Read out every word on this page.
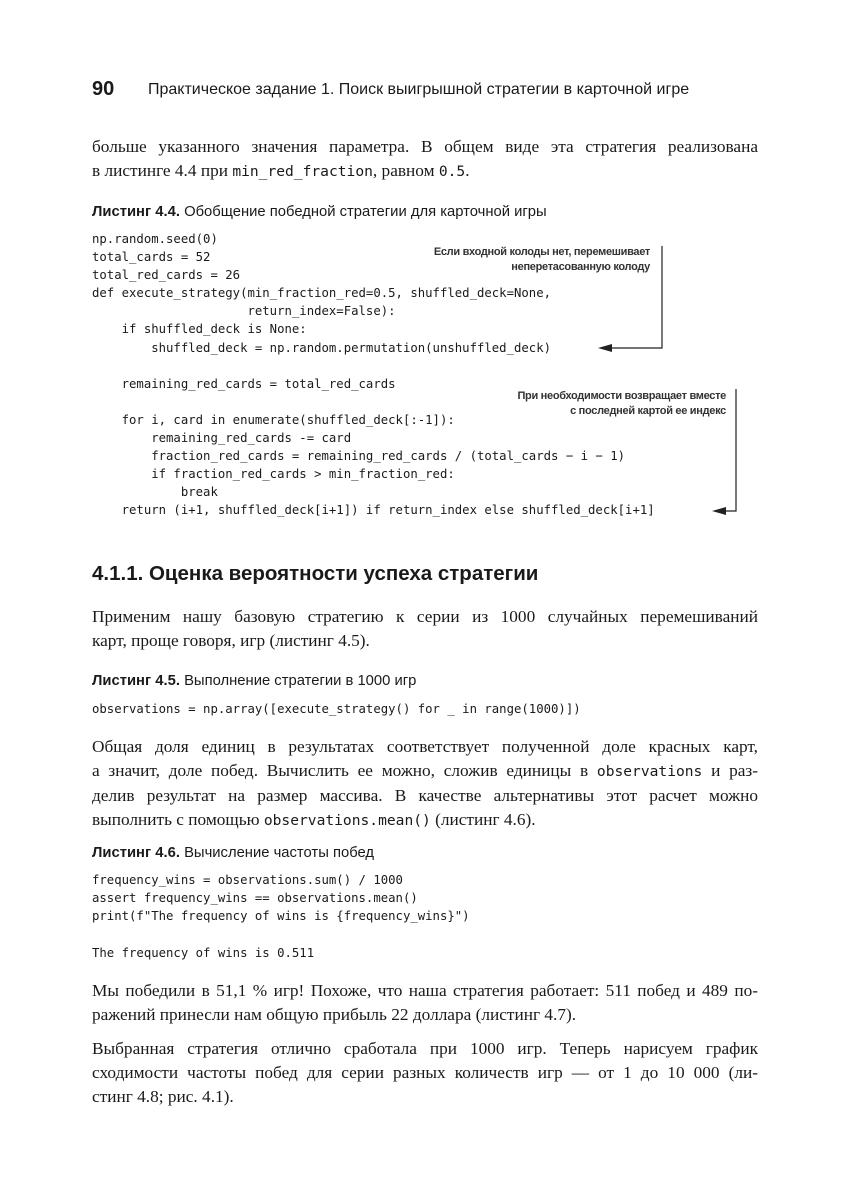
90 Практическое задание 1. Поиск выигрышной стратегии в карточной игре
больше указанного значения параметра. В общем виде эта стратегия реализована
в листинге 4.4 при min_red_fraction, равном 0.5.
Листинг 4.4. Обобщение победной стратегии для карточной игры
np.random.seed(0)
total_cards = 52
total_red_cards = 26
def execute_strategy(min_fraction_red=0.5, shuffled_deck=None,
return_index=False):
if shuffled_deck is None:
shuffled_deck = np.random.permutation(unshuffled_deck)

remaining_red_cards = total_red_cards

for i, card in enumerate(shuffled_deck[:-1]):
remaining_red_cards -= card
fraction_red_cards = remaining_red_cards / (total_cards − i − 1)
if fraction_red_cards > min_fraction_red:
break
return (i+1, shuffled_deck[i+1]) if return_index else shuffled_deck[i+1]
Если входной колоды нет, перемешивает
неперетасованную колоду
При необходимости возвращает вместе
с последней картой ее индекс
4.1.1. Оценка вероятности успеха стратегии
Применим нашу базовую стратегию к серии из 1000 случайных перемешиваний
карт, проще говоря, игр (листинг 4.5).
Листинг 4.5. Выполнение стратегии в 1000 игр
observations = np.array([execute_strategy() for _ in range(1000)])
Общая доля единиц в результатах соответствует полученной доле красных карт,
а значит, доле побед. Вычислить ее можно, сложив единицы в observations и раз-
делив результат на размер массива. В качестве альтернативы этот расчет можно
выполнить с помощью observations.mean() (листинг 4.6).
Листинг 4.6. Вычисление частоты побед
frequency_wins = observations.sum() / 1000
assert frequency_wins == observations.mean()
print(f"The frequency of wins is {frequency_wins}")
The frequency of wins is 0.511
Мы победили в 51,1 % игр! Похоже, что наша стратегия работает: 511 побед и 489 по-
ражений принесли нам общую прибыль 22 доллара (листинг 4.7).
Выбранная стратегия отлично сработала при 1000 игр. Теперь нарисуем график
сходимости частоты побед для серии разных количеств игр — от 1 до 10 000 (ли-
стинг 4.8; рис. 4.1).
